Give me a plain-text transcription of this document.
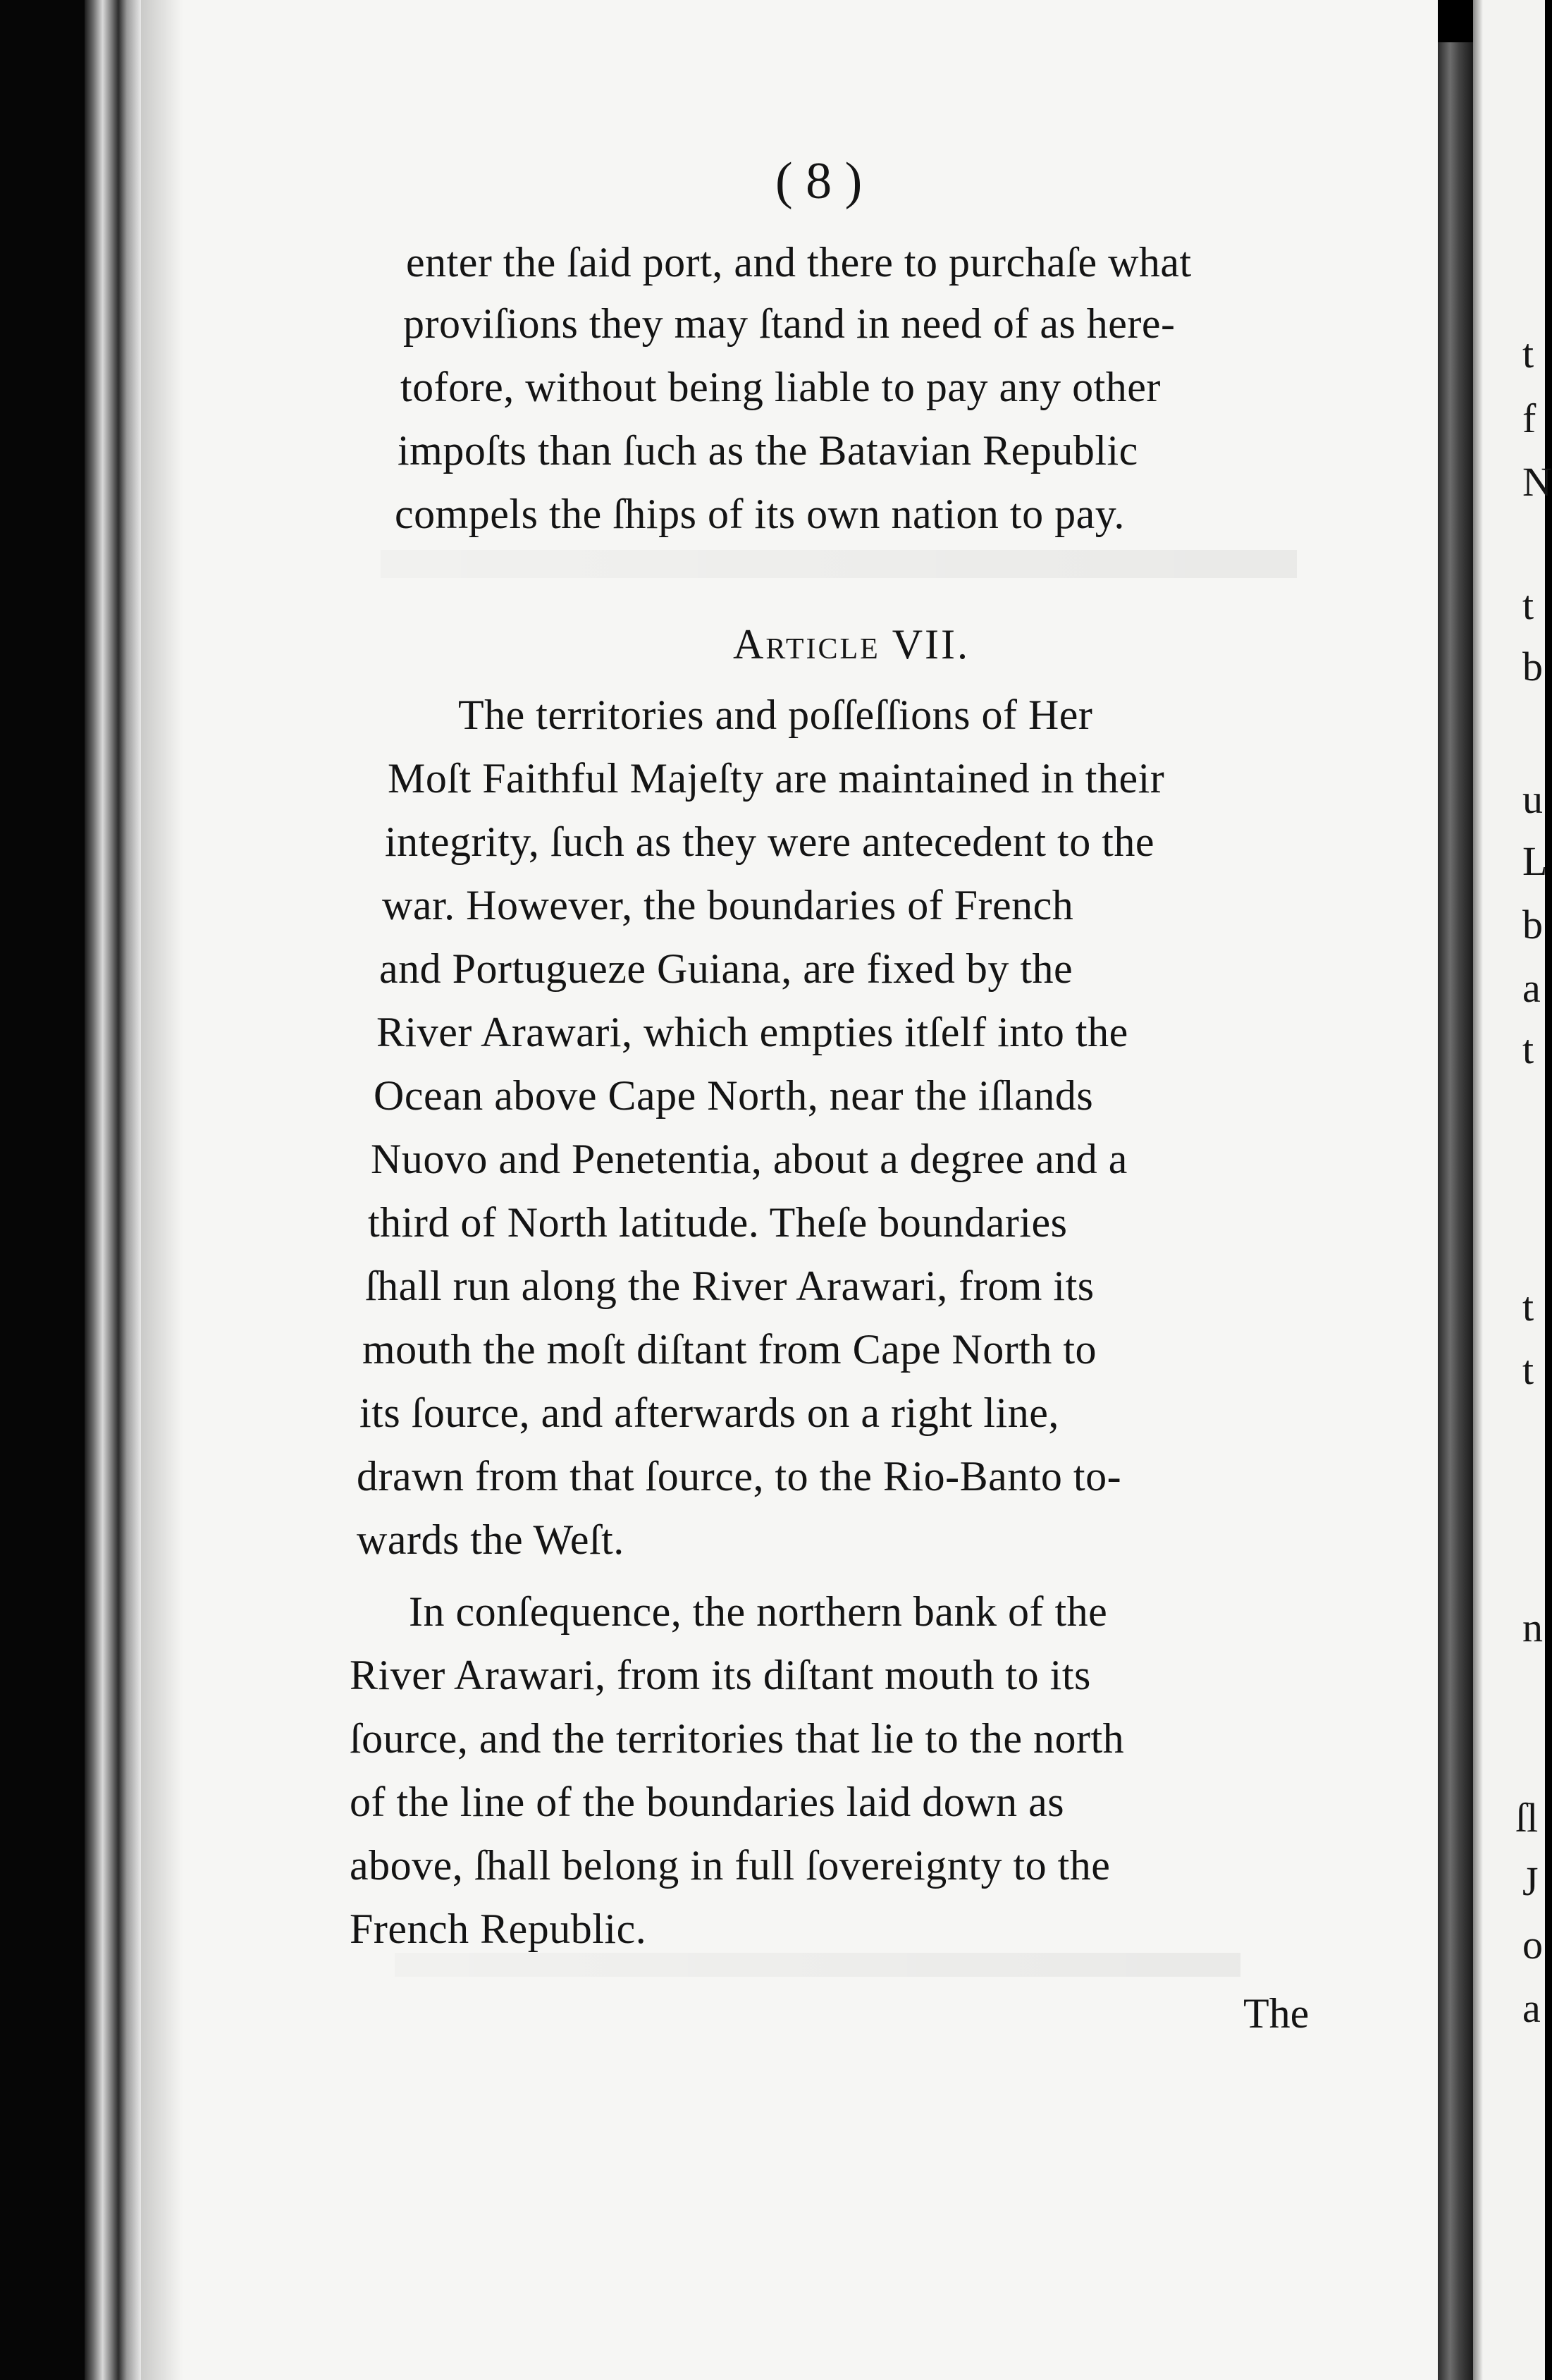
( 8 )
enter the ſaid port, and there to purchaſe what
proviſions they may ſtand in need of as here-
tofore, without being liable to pay any other
impoſts than ſuch as the Batavian Republic
compels the ſhips of its own nation to pay.
Article VII.
The territories and poſſeſſions of Her
Moſt Faithful Majeſty are maintained in their
integrity, ſuch as they were antecedent to the
war. However, the boundaries of French
and Portugueze Guiana, are fixed by the
River Arawari, which empties itſelf into the
Ocean above Cape North, near the iſlands
Nuovo and Penetentia, about a degree and a
third of North latitude. Theſe boundaries
ſhall run along the River Arawari, from its
mouth the moſt diſtant from Cape North to
its ſource, and afterwards on a right line,
drawn from that ſource, to the Rio-Banto to-
wards the Weſt.
In conſequence, the northern bank of the
River Arawari, from its diſtant mouth to its
ſource, and the territories that lie to the north
of the line of the boundaries laid down as
above, ſhall belong in full ſovereignty to the
French Republic.
The
t
f
N
t
b
u
L
b
a
t
t
t
n
ſl
J
o
a
